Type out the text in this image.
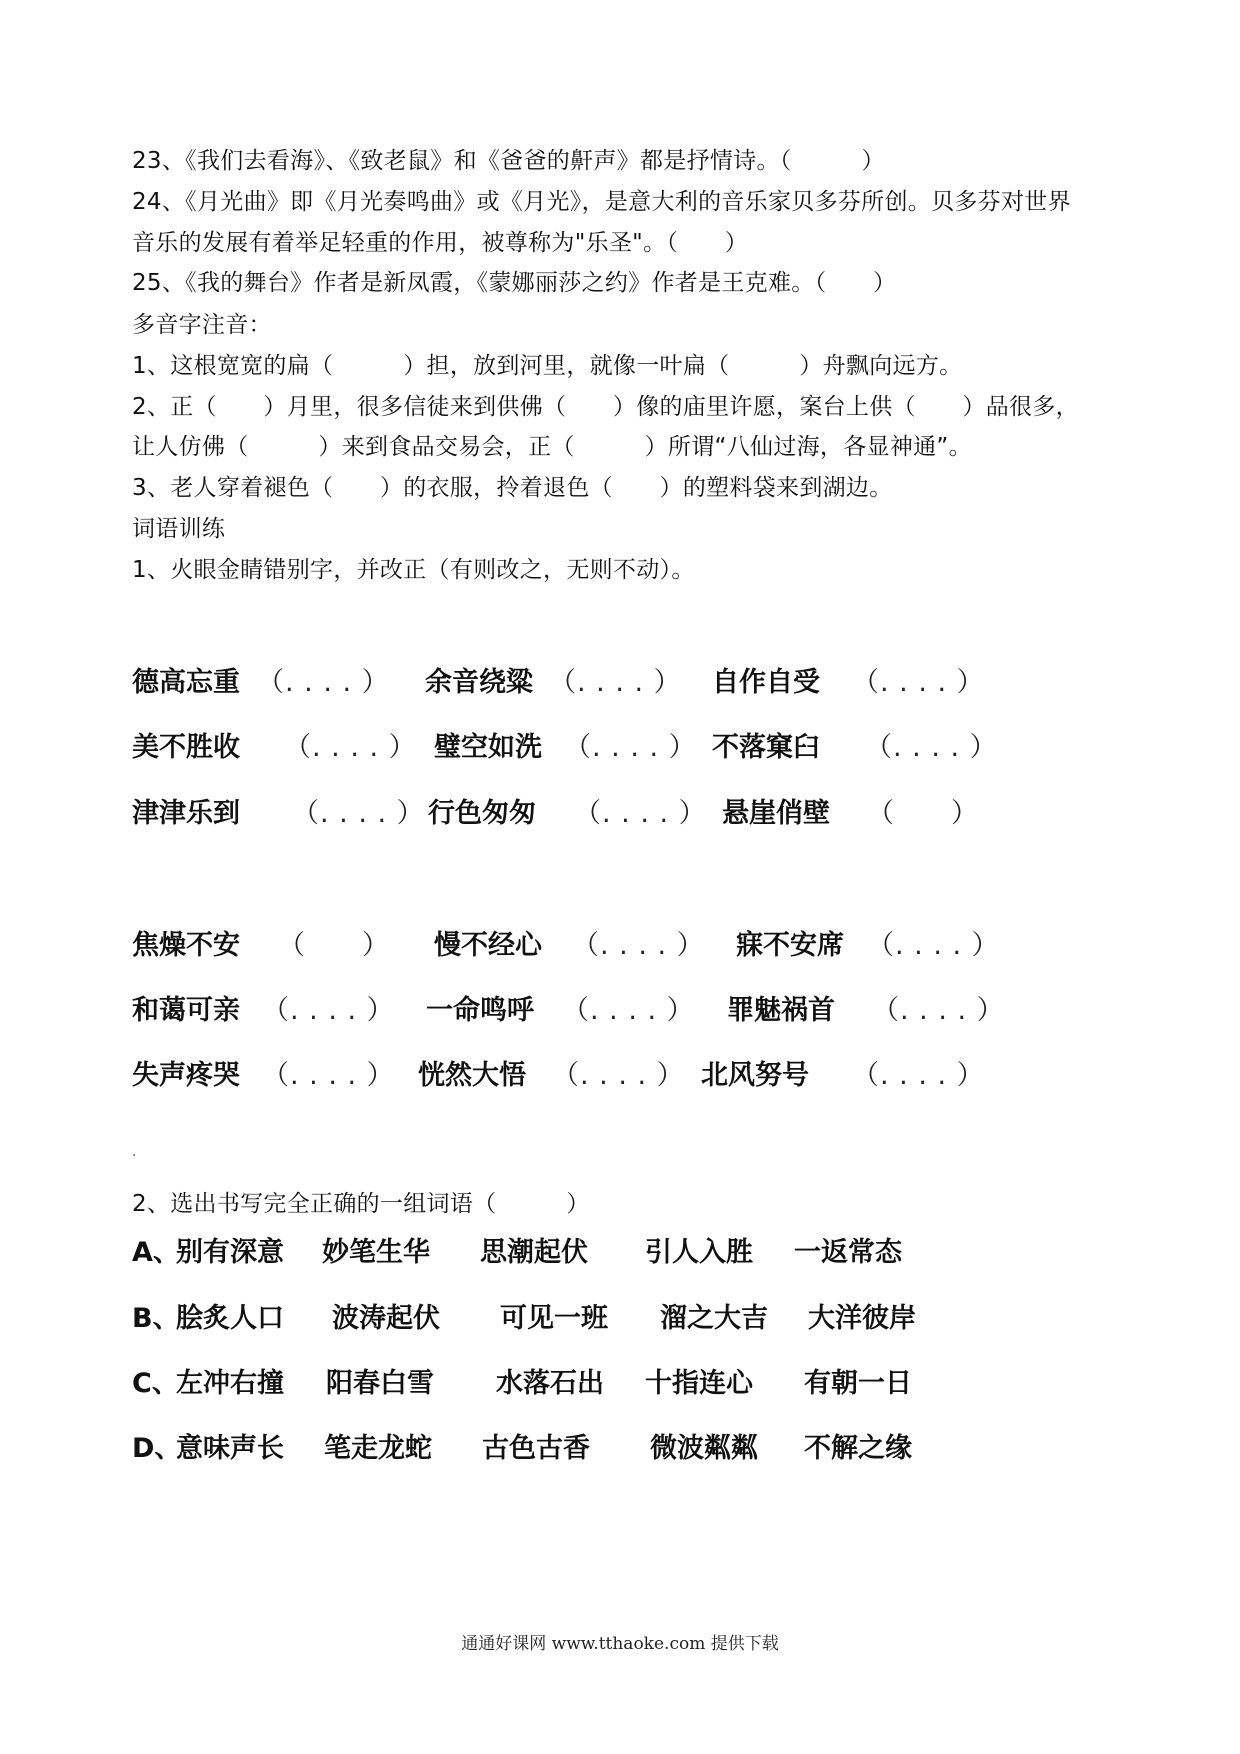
23、《我们去看海》、《致老鼠》和《爸爸的鼾声》都是抒情诗。（　　　）
24、《月光曲》即《月光奏鸣曲》或《月光》，是意大利的音乐家贝多芬所创。贝多芬对世界
音乐的发展有着举足轻重的作用，被尊称为"乐圣"。（　　）
25、《我的舞台》作者是新凤霞，《蒙娜丽莎之约》作者是王克难。（　　）
多音字注音：
1、这根宽宽的扁（　　　）担，放到河里，就像一叶扁（　　　）舟飘向远方。
2、正（　　）月里，很多信徒来到供佛（　　）像的庙里许愿，案台上供（　　）品很多，
让人仿佛（　　　）来到食品交易会，正（　　　）所谓“八仙过海，各显神通”。
3、老人穿着褪色（　　）的衣服，拎着退色（　　）的塑料袋来到湖边。
词语训练
1、火眼金睛错别字，并改正（有则改之，无则不动）。
德高忘重 （. . . . ） 余音绕粱 （. . . . ） 自作自受 （. . . . ）
美不胜收 （. . . . ） 璧空如洗 （. . . . ） 不落窠臼 （. . . . ）
津津乐到 （. . . . ） 行色匆匆 （. . . . ） 悬崖俏壁 （　　）
焦燥不安 （　　） 慢不经心 （. . . . ） 寐不安席 （. . . . ）
和蔼可亲 （. . . . ） 一命鸣呼 （. . . . ） 罪魅祸首 （. . . . ）
失声疼哭 （. . . . ） 恍然大悟 （. . . . ） 北风努号 （. . . . ）
.
2、选出书写完全正确的一组词语（　　　）
A、
别有深意 妙笔生华 思潮起伏 引人入胜 一返常态
B、
脍炙人口 波涛起伏 可见一班 溜之大吉 大洋彼岸
C、
左冲右撞 阳春白雪 水落石出 十指连心 有朝一日
D、
意味声长 笔走龙蛇 古色古香 微波粼粼 不解之缘
通通好课网 www.tthaoke.com 提供下载
